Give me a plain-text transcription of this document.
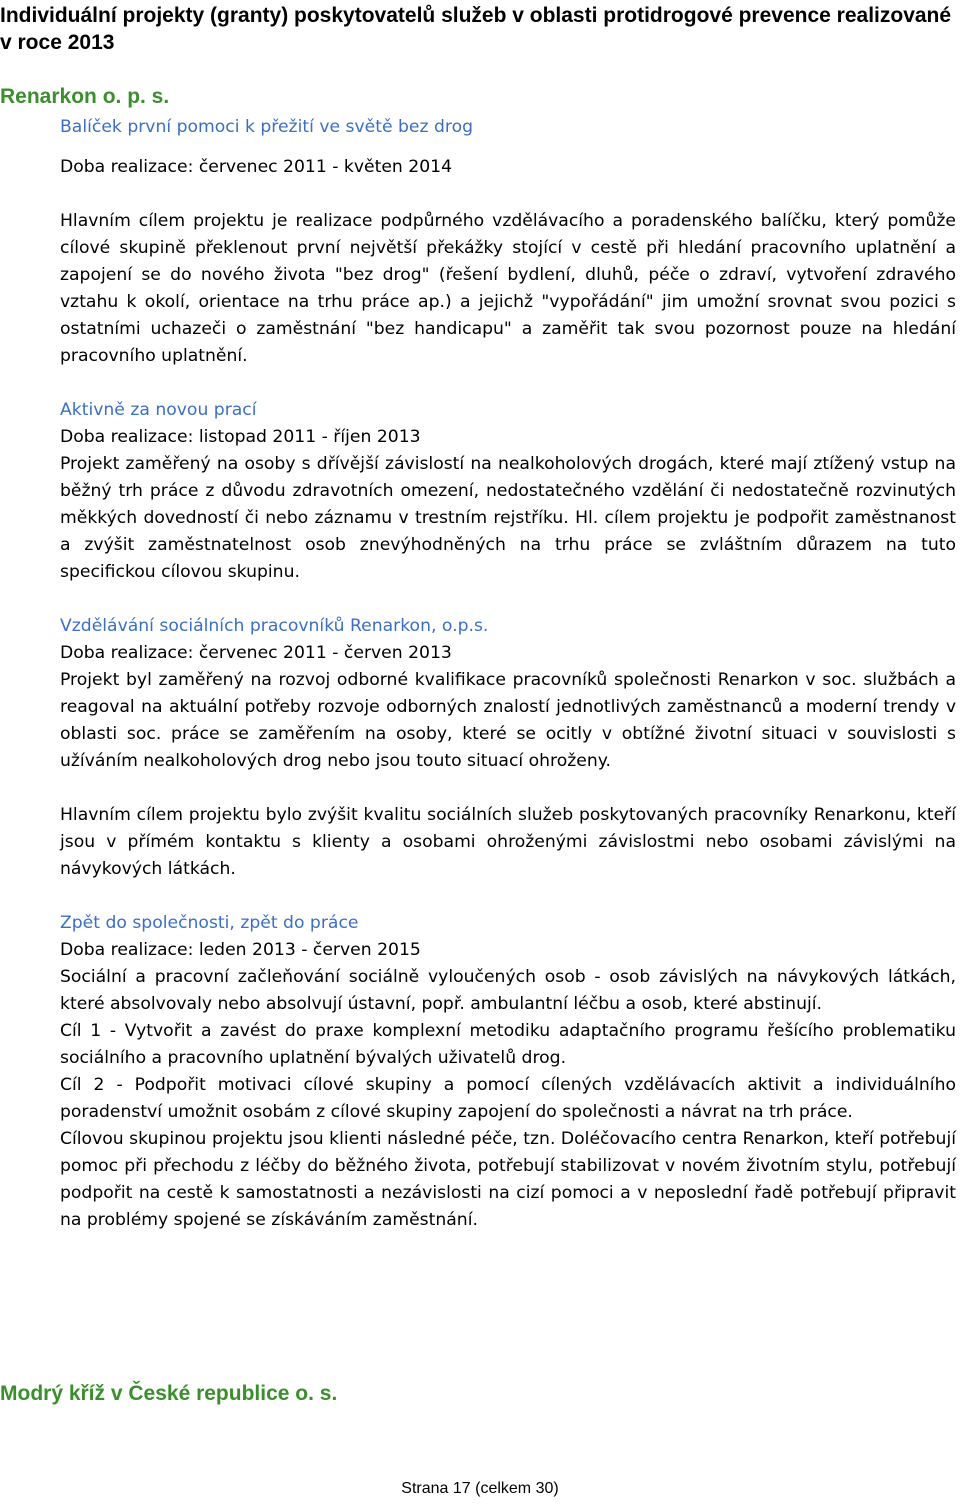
Individuální projekty (granty) poskytovatelů služeb v oblasti protidrogové prevence realizované v roce 2013
Renarkon o. p. s.
Balíček první pomoci k přežití ve světě bez drog
Doba realizace: červenec 2011 - květen 2014

Hlavním cílem projektu je realizace podpůrného vzdělávacího a poradenského balíčku, který pomůže cílové skupině překlenout první největší překážky stojící v cestě při hledání pracovního uplatnění a zapojení se do nového života "bez drog" (řešení bydlení, dluhů, péče o zdraví, vytvoření zdravého vztahu k okolí, orientace na trhu práce ap.) a jejichž "vypořádání" jim umožní srovnat svou pozici s ostatními uchazeči o zaměstnání "bez handicapu" a zaměřit tak svou pozornost pouze na hledání pracovního uplatnění.

Aktivně za novou prací
Doba realizace: listopad 2011 - říjen 2013

Projekt zaměřený na osoby s dřívější závislostí na nealkoholových drogách, které mají ztížený vstup na běžný trh práce z důvodu zdravotních omezení, nedostatečného vzdělání či nedostatečně rozvinutých měkkých dovedností či nebo záznamu v trestním rejstříku. Hl. cílem projektu je podpořit zaměstnanost a zvýšit zaměstnatelnost osob znevýhodněných na trhu práce se zvláštním důrazem na tuto specifickou cílovou skupinu.

Vzdělávání sociálních pracovníků Renarkon, o.p.s.
Doba realizace: červenec 2011 - červen 2013

Projekt byl zaměřený na rozvoj odborné kvalifikace pracovníků společnosti Renarkon v soc. službách a reagoval na aktuální potřeby rozvoje odborných znalostí jednotlivých zaměstnanců a moderní trendy v oblasti soc. práce se zaměřením na osoby, které se ocitly v obtížné životní situaci v souvislosti s užíváním nealkoholových drog nebo jsou touto situací ohroženy.

Hlavním cílem projektu bylo zvýšit kvalitu sociálních služeb poskytovaných pracovníky Renarkonu, kteří jsou v přímém kontaktu s klienty a osobami ohroženými závislostmi nebo osobami závislými na návykových látkách.

Zpět do společnosti, zpět do práce
Doba realizace: leden 2013 - červen 2015

Sociální a pracovní začleňování sociálně vyloučených osob - osob závislých na návykových látkách, které absolvovaly nebo absolvují ústavní, popř. ambulantní léčbu a osob, které abstinují.

Cíl 1 - Vytvořit a zavést do praxe komplexní metodiku adaptačního programu řešícího problematiku sociálního a pracovního uplatnění bývalých uživatelů drog.

Cíl 2 - Podpořit motivaci cílové skupiny a pomocí cílených vzdělávacích aktivit a individuálního poradenství umožnit osobám z cílové skupiny zapojení do společnosti a návrat na trh práce.

Cílovou skupinou projektu jsou klienti následné péče, tzn. Doléčovacího centra Renarkon, kteří potřebují pomoc při přechodu z léčby do běžného života, potřebují stabilizovat v novém životním stylu, potřebují podpořit na cestě k samostatnosti a nezávislosti na cizí pomoci a v neposlední řadě potřebují připravit na problémy spojené se získáváním zaměstnání.

Modrý kříž v České republice o. s.
Strana 17 (celkem 30)
